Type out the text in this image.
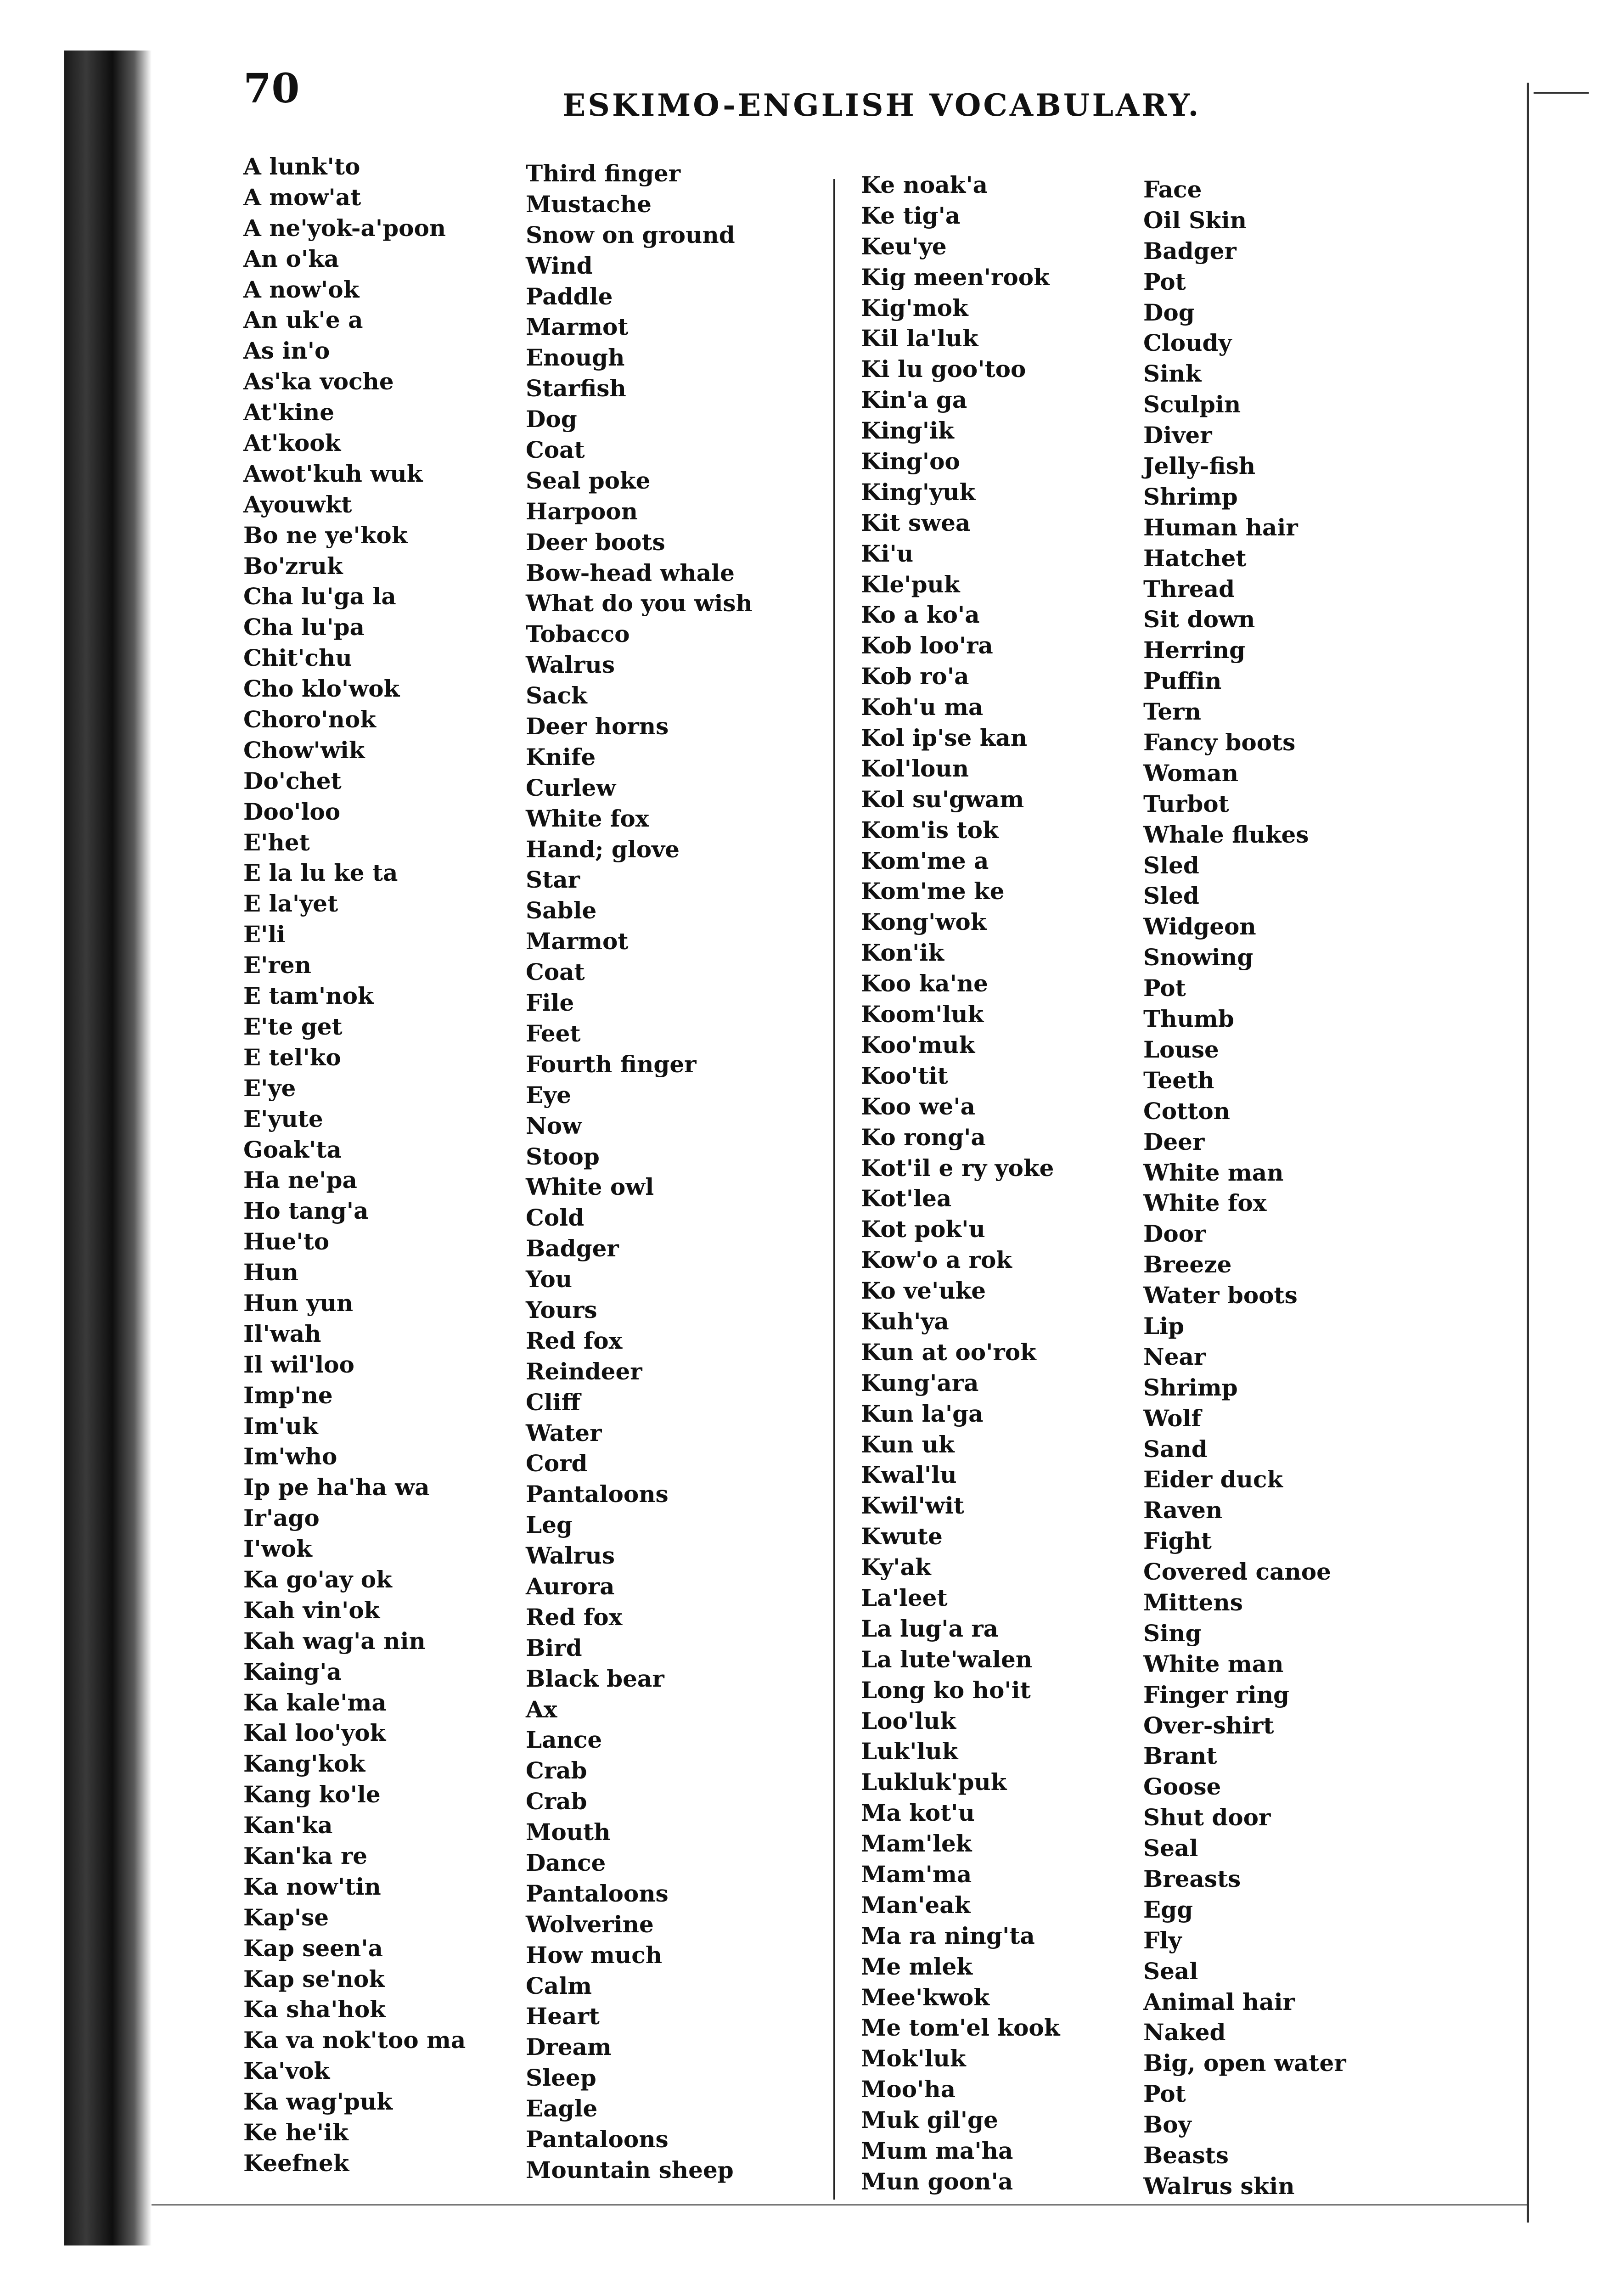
70	ESKIMO-ENGLISH VOCABULARY.
A lunk'to
A mow'at
A ne'yok-a'poon
An o'ka
A now'ok
An uk'e a
As in'o
As'ka voche
At'kine
At'kook
Awot'kuh wuk
Ayouwkt
Bo ne ye'kok
Bo'zruk
Cha lu'ga la
Cha lu'pa
Chit'chu
Cho klo'wok
Choro'nok
Chow'wik
Do'chet
Doo'loo
E'het
E la lu ke ta
E la'yet
E'li
E'ren
E tam'nok
E'te get
E tel'ko
E'ye
E'yute
Goak'ta
Ha ne'pa
Ho tang'a
Hue'to
Hun
Hun yun
Il'wah
Il wil'loo
Imp'ne
Im'uk
Im'who
Ip pe ha'ha wa
Ir'ago
I'wok
Ka go'ay ok
Kah vin'ok
Kah wag'a nin
Kaing'a
Ka kale'ma
Kal loo'yok
Kang'kok
Kang ko'le
Kan'ka
Kan'ka re
Ka now'tin
Kap'se
Kap seen'a
Kap se'nok
Ka sha'hok
Ka va nok'too ma
Ka'vok
Ka wag'puk
Ke he'ik
Keefnek
Third finger
Mustache
Snow on ground
Wind
Paddle
Marmot
Enough
Starfish
Dog
Coat
Seal poke
Harpoon
Deer boots
Bow-head whale
What do you wish
Tobacco
Walrus
Sack
Deer horns
Knife
Curlew
White fox
Hand; glove
Star
Sable
Marmot
Coat
File
Feet
Fourth finger
Eye
Now
Stoop
White owl
Cold
Badger
You
Yours
Red fox
Reindeer
Cliff
Water
Cord
Pantaloons
Leg
Walrus
Aurora
Red fox
Bird
Black bear
Ax
Lance
Crab
Crab
Mouth
Dance
Pantaloons
Wolverine
How much
Calm
Heart
Dream
Sleep
Eagle
Pantaloons
Mountain sheep
Ke noak'a
Ke tig'a
Keu'ye
Kig meen'rook
Kig'mok
Kil la'luk
Ki lu goo'too
Kin'a ga
King'ik
King'oo
King'yuk
Kit swea
Ki'u
Kle'puk
Ko a ko'a
Kob loo'ra
Kob ro'a
Koh'u ma
Kol ip'se kan
Kol'loun
Kol su'gwam
Kom'is tok
Kom'me a
Kom'me ke
Kong'wok
Kon'ik
Koo ka'ne
Koom'luk
Koo'muk
Koo'tit
Koo we'a
Ko rong'a
Kot'il e ry yoke
Kot'lea
Kot pok'u
Kow'o a rok
Ko ve'uke
Kuh'ya
Kun at oo'rok
Kung'ara
Kun la'ga
Kun uk
Kwal'lu
Kwil'wit
Kwute
Ky'ak
La'leet
La lug'a ra
La lute'walen
Long ko ho'it
Loo'luk
Luk'luk
Lukluk'puk
Ma kot'u
Mam'lek
Mam'ma
Man'eak
Ma ra ning'ta
Me mlek
Mee'kwok
Me tom'el kook
Mok'luk
Moo'ha
Muk gil'ge
Mum ma'ha
Mun goon'a
Face
Oil Skin
Badger
Pot
Dog
Cloudy
Sink
Sculpin
Diver
Jelly-fish
Shrimp
Human hair
Hatchet
Thread
Sit down
Herring
Puffin
Tern
Fancy boots
Woman
Turbot
Whale flukes
Sled
Sled
Widgeon
Snowing
Pot
Thumb
Louse
Teeth
Cotton
Deer
White man
White fox
Door
Breeze
Water boots
Lip
Near
Shrimp
Wolf
Sand
Eider duck
Raven
Fight
Covered canoe
Mittens
Sing
White man
Finger ring
Over-shirt
Brant
Goose
Shut door
Seal
Breasts
Egg
Fly
Seal
Animal hair
Naked
Big, open water
Pot
Boy
Beasts
Walrus skin
